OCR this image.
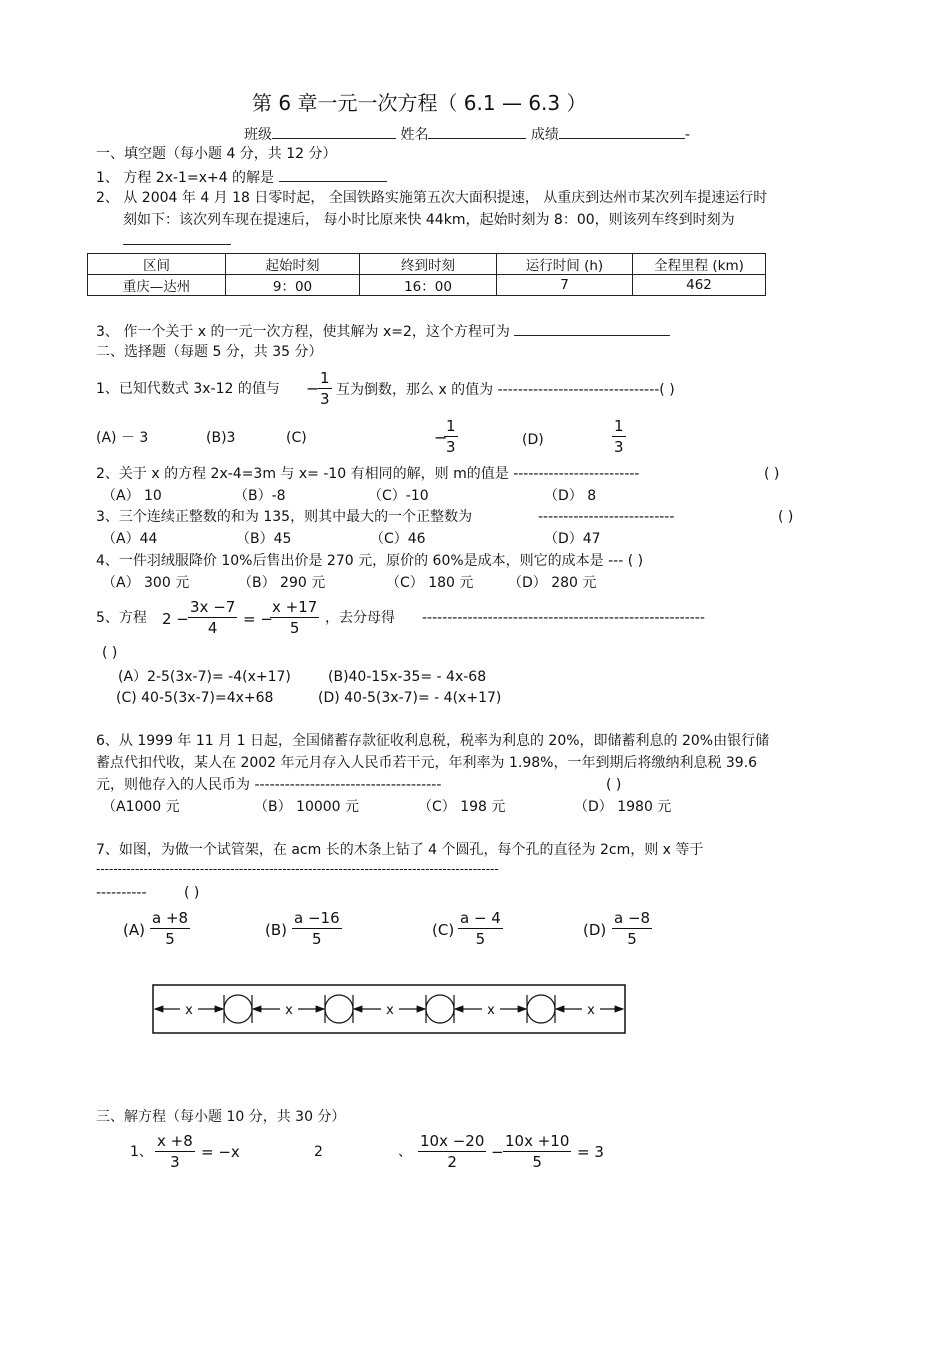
第 6 章一元一次方程（ 6.1 — 6.3 ）
班级	姓名	成绩	-
一、填空题（每小题 4 分，共 12 分）
1、 方程 2x-1=x+4 的解是
2、 从 2004 年 4 月 18 日零时起， 全国铁路实施第五次大面积提速， 从重庆到达州市某次列车提速运行时
刻如下：该次列车现在提速后， 每小时比原来快 44km，起始时刻为 8：00，则该列车终到时刻为
区间	起始时刻	终到时刻	运行时间 (h)	全程里程 (km)
重庆—达州	9：00	16：00	7	462
3、 作一个关于 x 的一元一次方程，使其解为 x=2，这个方程可为
二、选择题（每题 5 分，共 35 分）
1、已知代数式 3x-12 的值与 −
$\frac{1}{3}$ 互为倒数，那么 x 的值为 --------------------------------( )
(A) － 3	(B)3	(C)	−
$\frac{1}{3}$	(D)	$\frac{1}{3}$
2、关于 x 的方程 2x-4=3m 与 x= -10 有相同的解，则 m的值是 -------------------------	( )
（A） 10	（B）-8	（C）-10	（D） 8
3、三个连续正整数的和为 135，则其中最大的一个正整数为	---------------------------	( )
（A）44	（B）45	（C）46	（D）47
4、一件羽绒服降价 10%后售出价是 270 元，原价的 60%是成本，则它的成本是 --- ( )
（A） 300 元	（B） 290 元	（C） 180 元 （D） 280 元
5、方程 $2 - \frac{3x -7}{4}$ = −
$\frac{x +17}{5}$ ，去分母得 --------------------------------------------------------
( )
(A）2-5(3x-7)= -4(x+17)	(B)40-15x-35= - 4x-68
(C) 40-5(3x-7)=4x+68	(D) 40-5(3x-7)= - 4(x+17)
6、从 1999 年 11 月 1 日起，全国储蓄存款征收利息税，税率为利息的 20%，即储蓄利息的 20%由银行储
蓄点代扣代收，某人在 2002 年元月存入人民币若干元，年利率为 1.98%，一年到期后将缴纳利息税 39.6
元，则他存入的人民币为 -------------------------------------	( )
（A1000 元	（B） 10000 元	（C） 198 元	（D） 1980 元
7、如图，为做一个试管架，在 acm 长的木条上钻了 4 个圆孔，每个孔的直径为 2cm，则 x 等于
---------------------------------------------------------------------------------------------
----------	( )
$(A) \frac{a +8}{5}$	$(B) \frac{a -16}{5}$	$(C) \frac{a - 4}{5}$	$(D) \frac{a -8}{5}$
x	x	x	x	x
三、解方程（每小题 10 分，共 30 分）
1、 $\frac{x +8}{3} = -x$	2	、 $\frac{10x -20}{2} - \frac{10x +10}{5} = 3$
